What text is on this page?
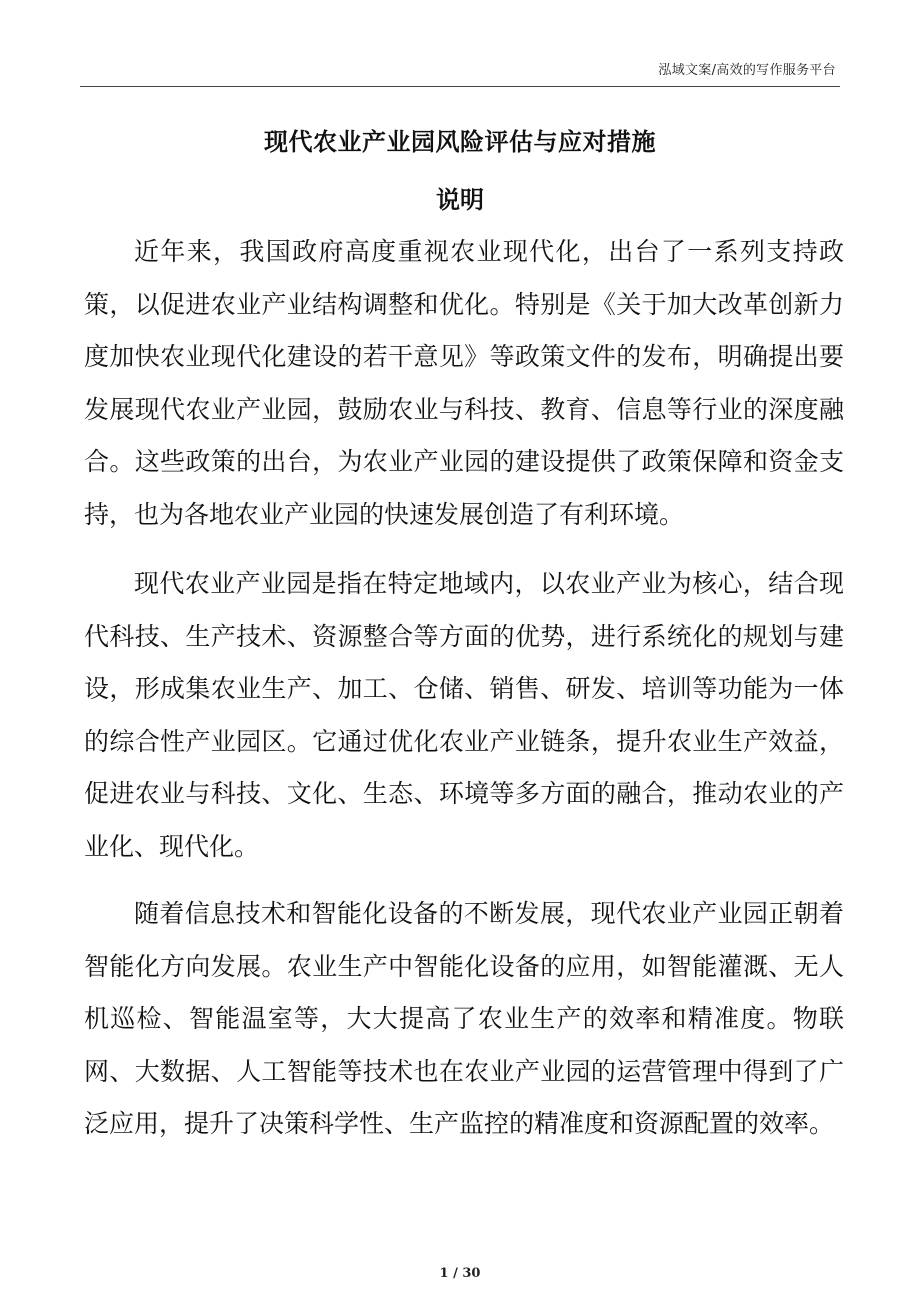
泓域文案/高效的写作服务平台
现代农业产业园风险评估与应对措施
说明

近年来，我国政府高度重视农业现代化，出台了一系列支持政策，以促进农业产业结构调整和优化。特别是《关于加大改革创新力度加快农业现代化建设的若干意见》等政策文件的发布，明确提出要发展现代农业产业园，鼓励农业与科技、教育、信息等行业的深度融合。这些政策的出台，为农业产业园的建设提供了政策保障和资金支持，也为各地农业产业园的快速发展创造了有利环境。

现代农业产业园是指在特定地域内，以农业产业为核心，结合现代科技、生产技术、资源整合等方面的优势，进行系统化的规划与建设，形成集农业生产、加工、仓储、销售、研发、培训等功能为一体的综合性产业园区。它通过优化农业产业链条，提升农业生产效益，促进农业与科技、文化、生态、环境等多方面的融合，推动农业的产业化、现代化。

随着信息技术和智能化设备的不断发展，现代农业产业园正朝着智能化方向发展。农业生产中智能化设备的应用，如智能灌溉、无人机巡检、智能温室等，大大提高了农业生产的效率和精准度。物联网、大数据、人工智能等技术也在农业产业园的运营管理中得到了广泛应用，提升了决策科学性、生产监控的精准度和资源配置的效率。

1 / 30
